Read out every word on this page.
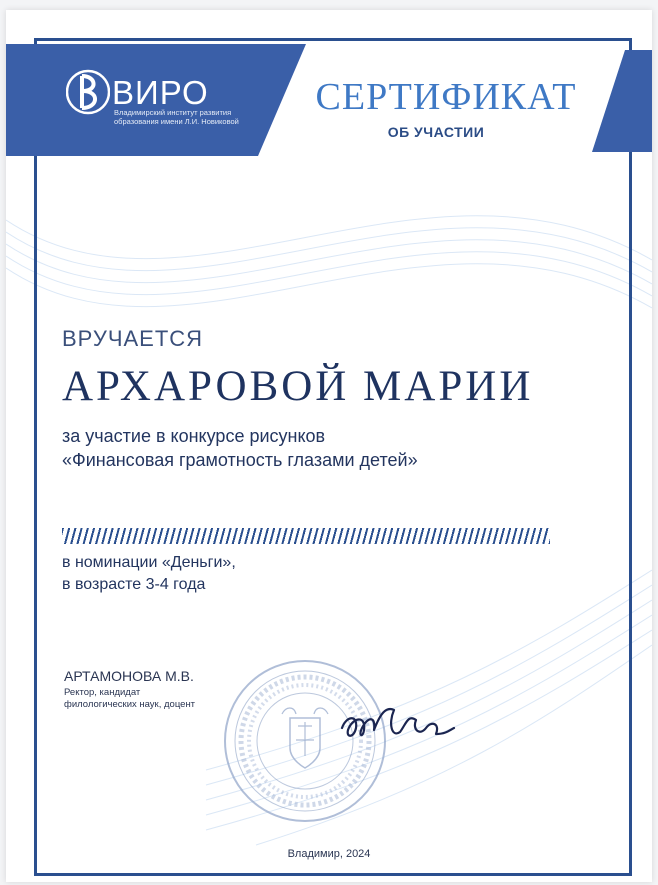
ВИРО
Владимирский институт развития образования имени Л.И. Новиковой
СЕРТИФИКАТ
ОБ УЧАСТИИ
ВРУЧАЕТСЯ
АРХАРОВОЙ МАРИИ
за участие в конкурсе рисунков
«Финансовая грамотность глазами детей»
в номинации «Деньги»,
в возрасте 3-4 года
АРТАМОНОВА М.В.
Ректор, кандидат
филологических наук, доцент
Владимир, 2024
